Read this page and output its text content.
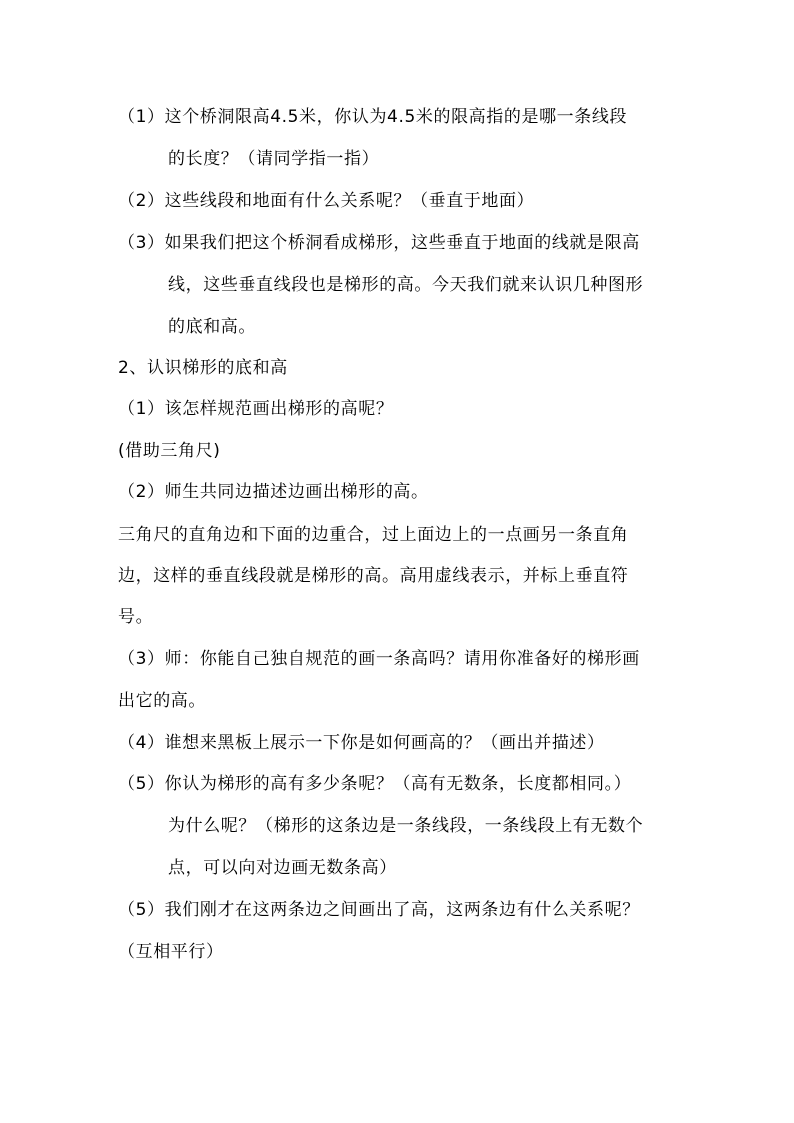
（1）这个桥洞限高4.5米，你认为4.5米的限高指的是哪一条线段
的长度？（请同学指一指）
（2）这些线段和地面有什么关系呢？（垂直于地面）
（3）如果我们把这个桥洞看成梯形，这些垂直于地面的线就是限高
线，这些垂直线段也是梯形的高。今天我们就来认识几种图形
的底和高。
2、认识梯形的底和高
（1）该怎样规范画出梯形的高呢？
(借助三角尺)
（2）师生共同边描述边画出梯形的高。
三角尺的直角边和下面的边重合，过上面边上的一点画另一条直角
边，这样的垂直线段就是梯形的高。高用虚线表示，并标上垂直符
号。
（3）师：你能自己独自规范的画一条高吗？请用你准备好的梯形画
出它的高。
（4）谁想来黑板上展示一下你是如何画高的？（画出并描述）
（5）你认为梯形的高有多少条呢？（高有无数条，长度都相同。）
为什么呢？（梯形的这条边是一条线段，一条线段上有无数个
点，可以向对边画无数条高）
（5）我们刚才在这两条边之间画出了高，这两条边有什么关系呢？
（互相平行）
